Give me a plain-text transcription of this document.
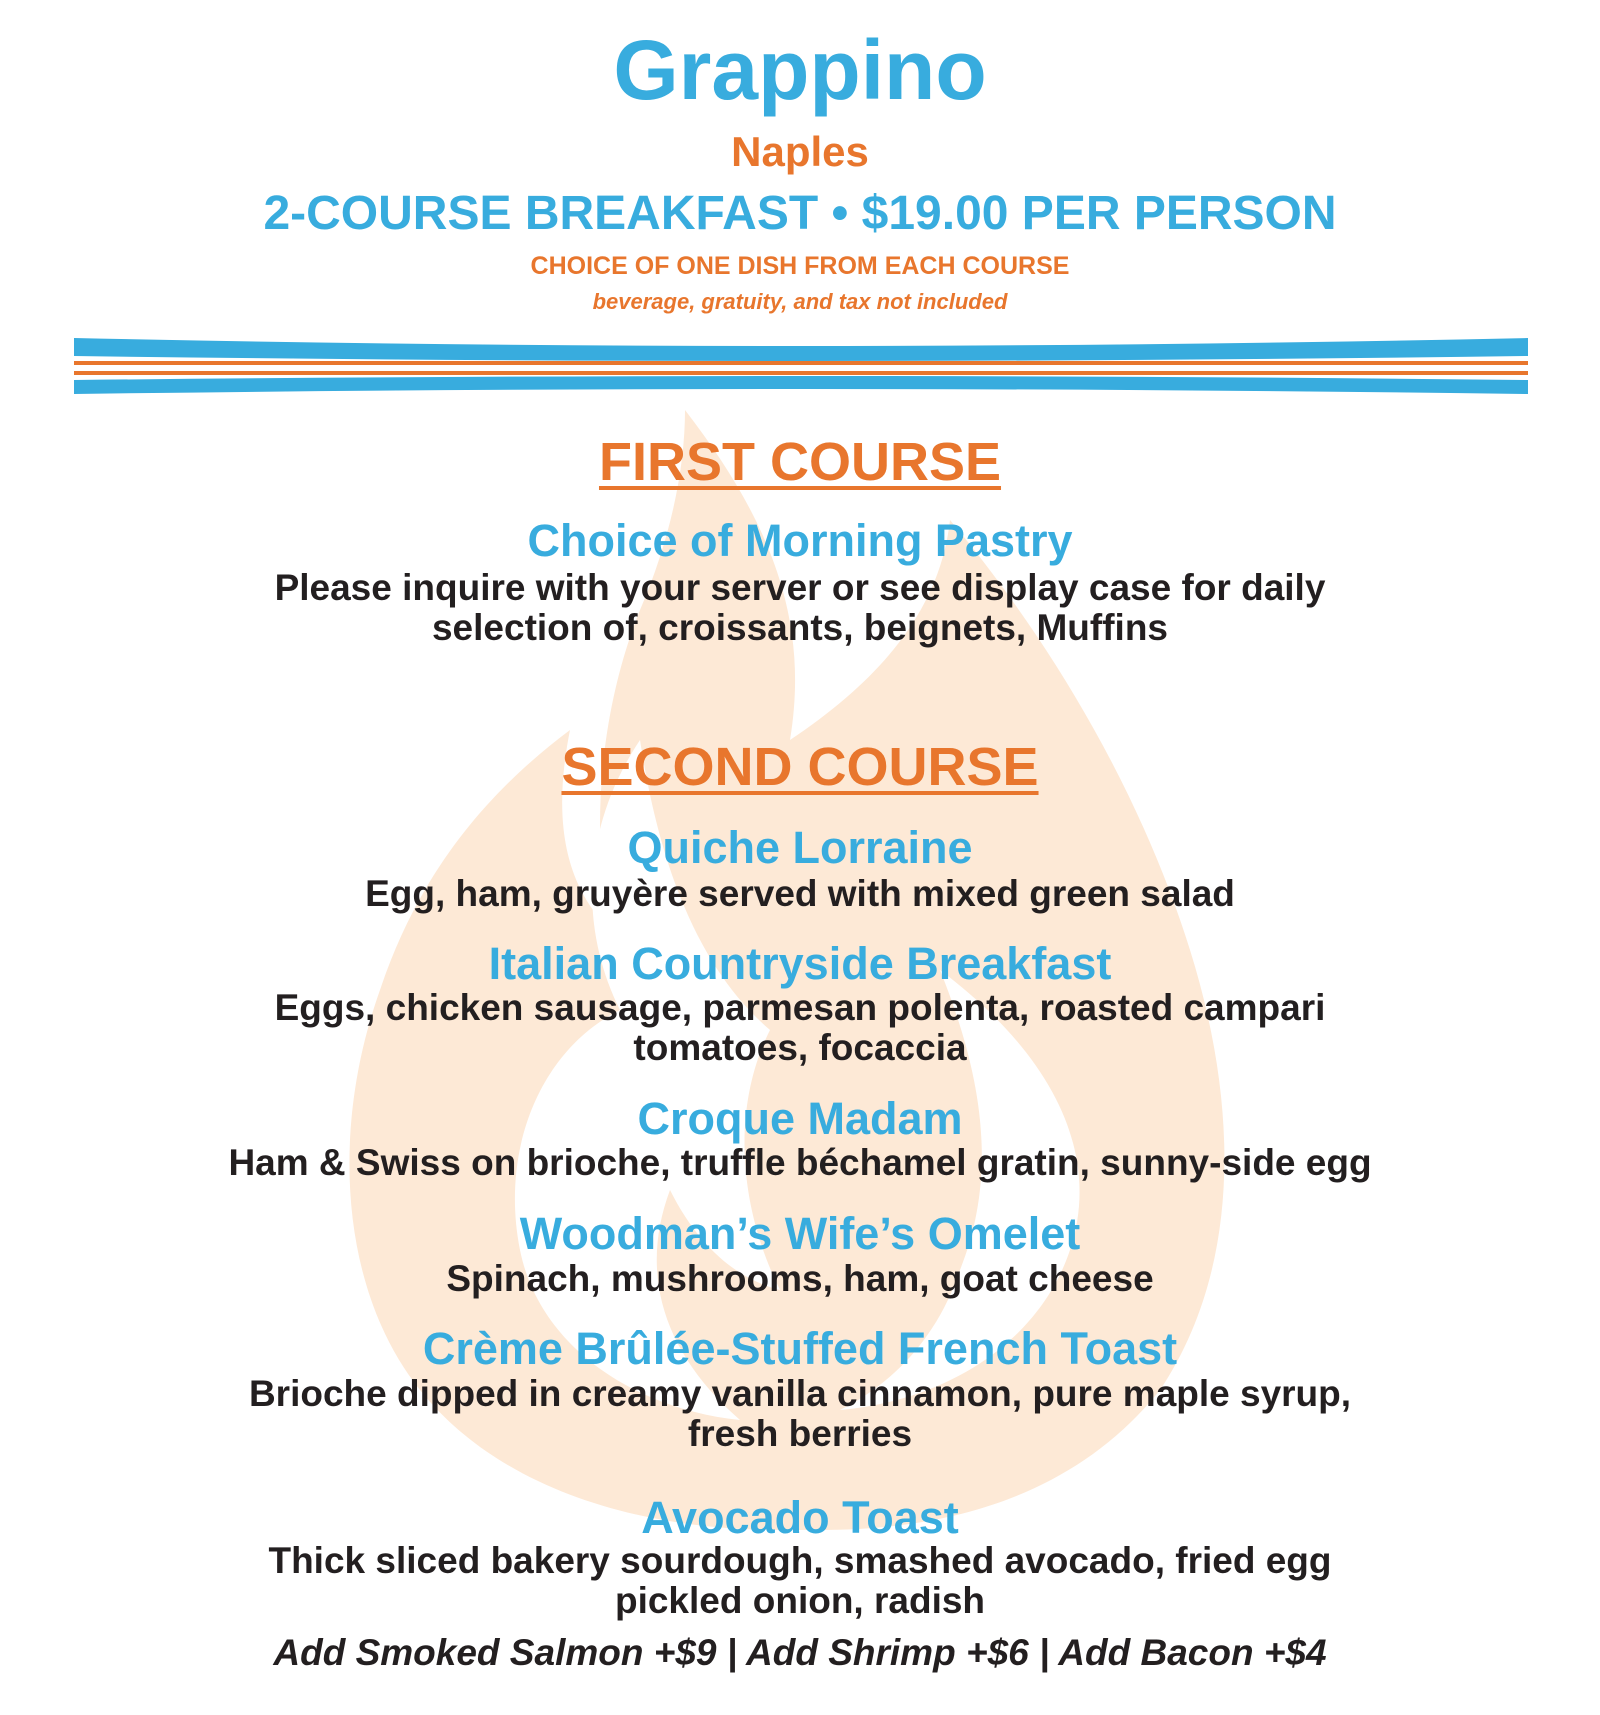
Grappino
Naples
2-COURSE BREAKFAST • $19.00 PER PERSON
CHOICE OF ONE DISH FROM EACH COURSE
beverage, gratuity, and tax not included
FIRST COURSE
Choice of Morning Pastry
Please inquire with your server or see display case for daily
selection of, croissants, beignets, Muffins
SECOND COURSE
Quiche Lorraine
Egg, ham, gruyère served with mixed green salad
Italian Countryside Breakfast
Eggs, chicken sausage, parmesan polenta, roasted campari
tomatoes, focaccia
Croque Madam
Ham & Swiss on brioche, truffle béchamel gratin, sunny-side egg
Woodman’s Wife’s Omelet
Spinach, mushrooms, ham, goat cheese
Crème Brûlée-Stuffed French Toast
Brioche dipped in creamy vanilla cinnamon, pure maple syrup,
fresh berries
Avocado Toast
Thick sliced bakery sourdough, smashed avocado, fried egg
pickled onion, radish
Add Smoked Salmon +$9 | Add Shrimp +$6 | Add Bacon +$4
